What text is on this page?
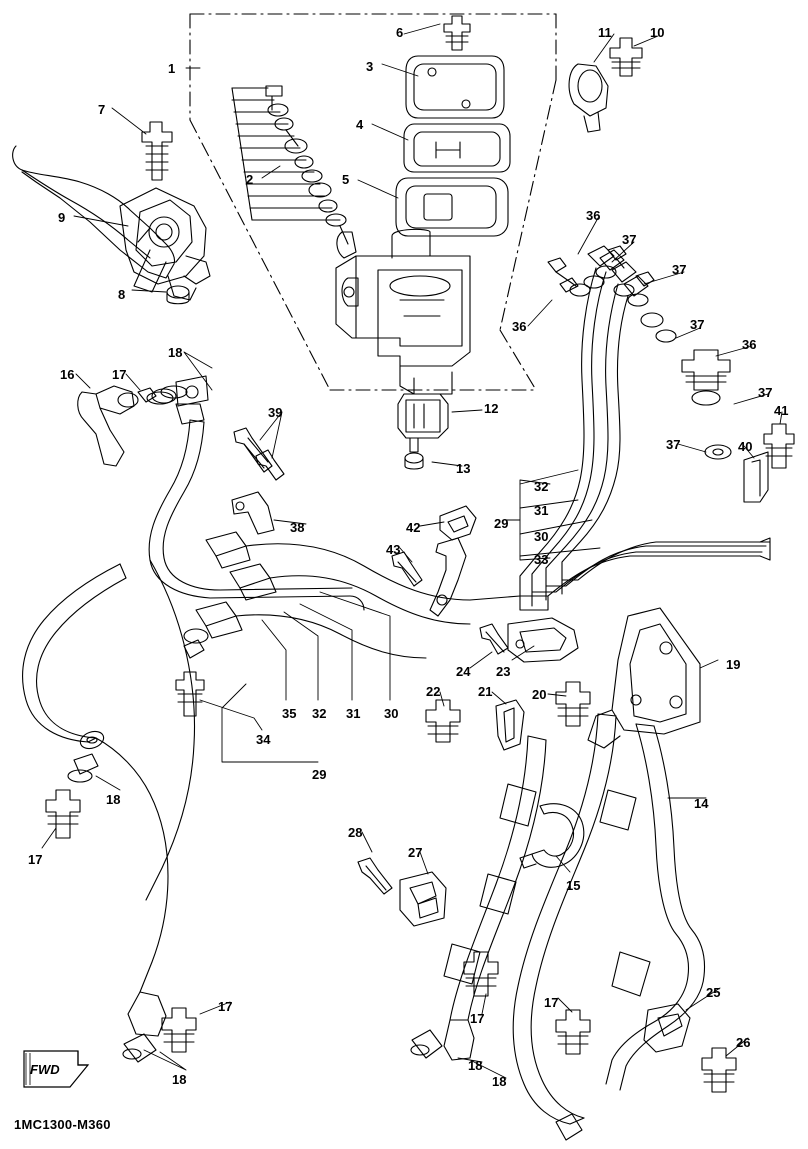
FWD
1MC1300-M360
1
6	11	10
3
7
4
5
2
9	36
37
37
8
36	37
36
18
16	17
37
12
39
37	40
41
13
32
31
30
33
29
42
38
43
24 23	19
22	21	20
35 32 31 30
34
29
18	14
17
28
27
15
17
17
17
25
26
18
18
18
